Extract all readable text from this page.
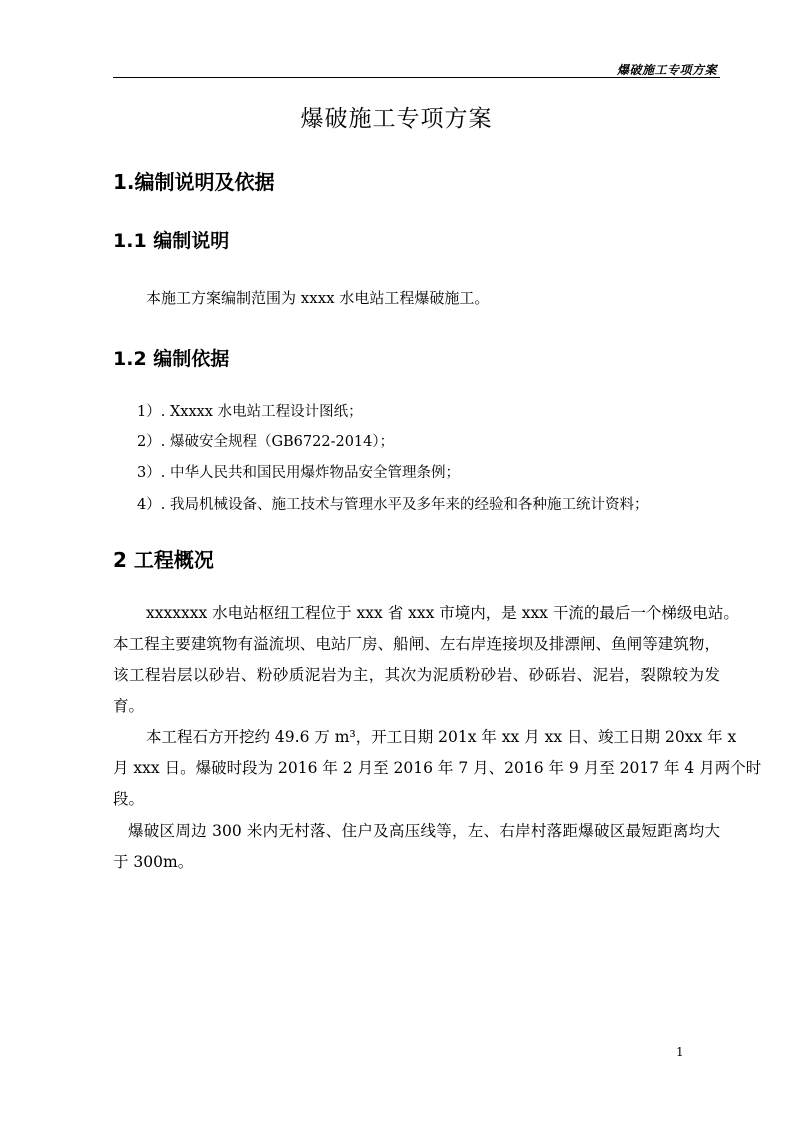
爆破施工专项方案
爆破施工专项方案
1.编制说明及依据
1.1 编制说明

本施工方案编制范围为 xxxx 水电站工程爆破施工。

1.2 编制依据

1）. Xxxxx 水电站工程设计图纸；

2）. 爆破安全规程（GB6722-2014）；

3）. 中华人民共和国民用爆炸物品安全管理条例；

4）. 我局机械设备、施工技术与管理水平及多年来的经验和各种施工统计资料；

2 工程概况

xxxxxxx 水电站枢纽工程位于 xxx 省 xxx 市境内，是 xxx 干流的最后一个梯级电站。

本工程主要建筑物有溢流坝、电站厂房、船闸、左右岸连接坝及排漂闸、鱼闸等建筑物，

该工程岩层以砂岩、粉砂质泥岩为主，其次为泥质粉砂岩、砂砾岩、泥岩，裂隙较为发

育。

本工程石方开挖约 49.6 万 m³，开工日期 201x 年 xx 月 xx 日、竣工日期 20xx 年 x

月 xxx 日。爆破时段为 2016 年 2 月至 2016 年 7 月、2016 年 9 月至 2017 年 4 月两个时

段。

爆破区周边 300 米内无村落、住户及高压线等，左、右岸村落距爆破区最短距离均大

于 300m。

1
